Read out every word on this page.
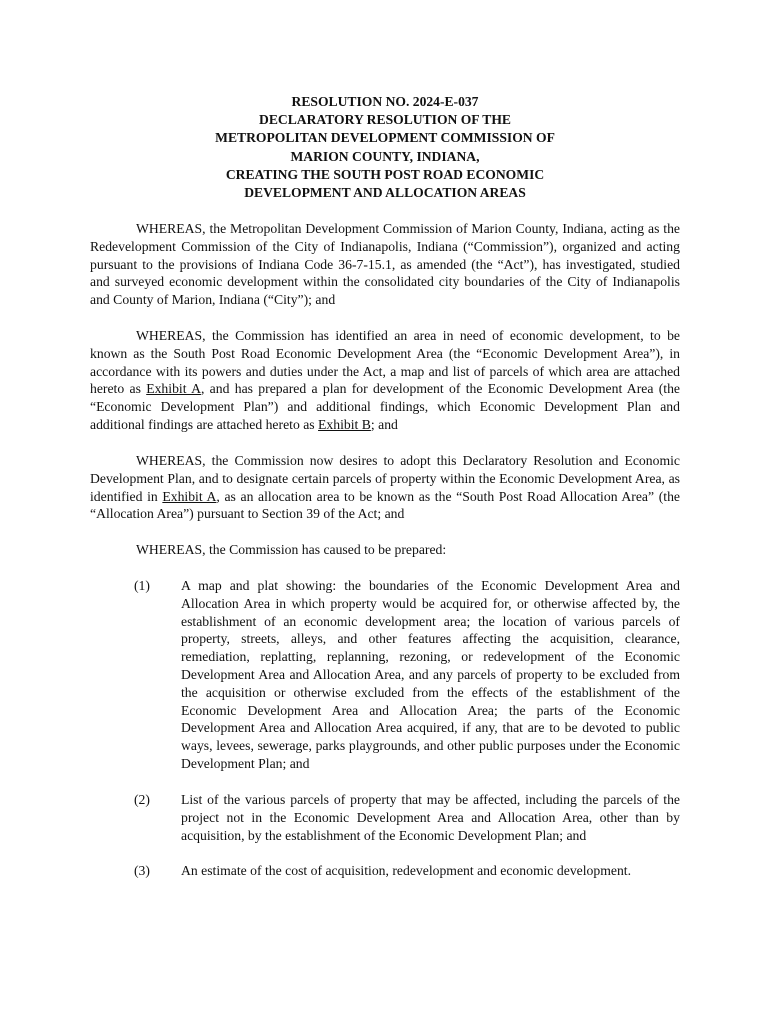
RESOLUTION NO. 2024-E-037
DECLARATORY RESOLUTION OF THE
METROPOLITAN DEVELOPMENT COMMISSION OF
MARION COUNTY, INDIANA,
CREATING THE SOUTH POST ROAD ECONOMIC
DEVELOPMENT AND ALLOCATION AREAS

WHEREAS, the Metropolitan Development Commission of Marion County, Indiana, acting as the Redevelopment Commission of the City of Indianapolis, Indiana (“Commission”), organized and acting pursuant to the provisions of Indiana Code 36-7-15.1, as amended (the “Act”), has investigated, studied and surveyed economic development within the consolidated city boundaries of the City of Indianapolis and County of Marion, Indiana (“City”); and

WHEREAS, the Commission has identified an area in need of economic development, to be known as the South Post Road Economic Development Area (the “Economic Development Area”), in accordance with its powers and duties under the Act, a map and list of parcels of which area are attached hereto as Exhibit A, and has prepared a plan for development of the Economic Development Area (the “Economic Development Plan”) and additional findings, which Economic Development Plan and additional findings are attached hereto as Exhibit B; and

WHEREAS, the Commission now desires to adopt this Declaratory Resolution and Economic Development Plan, and to designate certain parcels of property within the Economic Development Area, as identified in Exhibit A, as an allocation area to be known as the “South Post Road Allocation Area” (the “Allocation Area”) pursuant to Section 39 of the Act; and

WHEREAS, the Commission has caused to be prepared:

(1) A map and plat showing: the boundaries of the Economic Development Area and Allocation Area in which property would be acquired for, or otherwise affected by, the establishment of an economic development area; the location of various parcels of property, streets, alleys, and other features affecting the acquisition, clearance, remediation, replatting, replanning, rezoning, or redevelopment of the Economic Development Area and Allocation Area, and any parcels of property to be excluded from the acquisition or otherwise excluded from the effects of the establishment of the Economic Development Area and Allocation Area; the parts of the Economic Development Area and Allocation Area acquired, if any, that are to be devoted to public ways, levees, sewerage, parks playgrounds, and other public purposes under the Economic Development Plan; and
(2) List of the various parcels of property that may be affected, including the parcels of the project not in the Economic Development Area and Allocation Area, other than by acquisition, by the establishment of the Economic Development Plan; and
(3) An estimate of the cost of acquisition, redevelopment and economic development.
